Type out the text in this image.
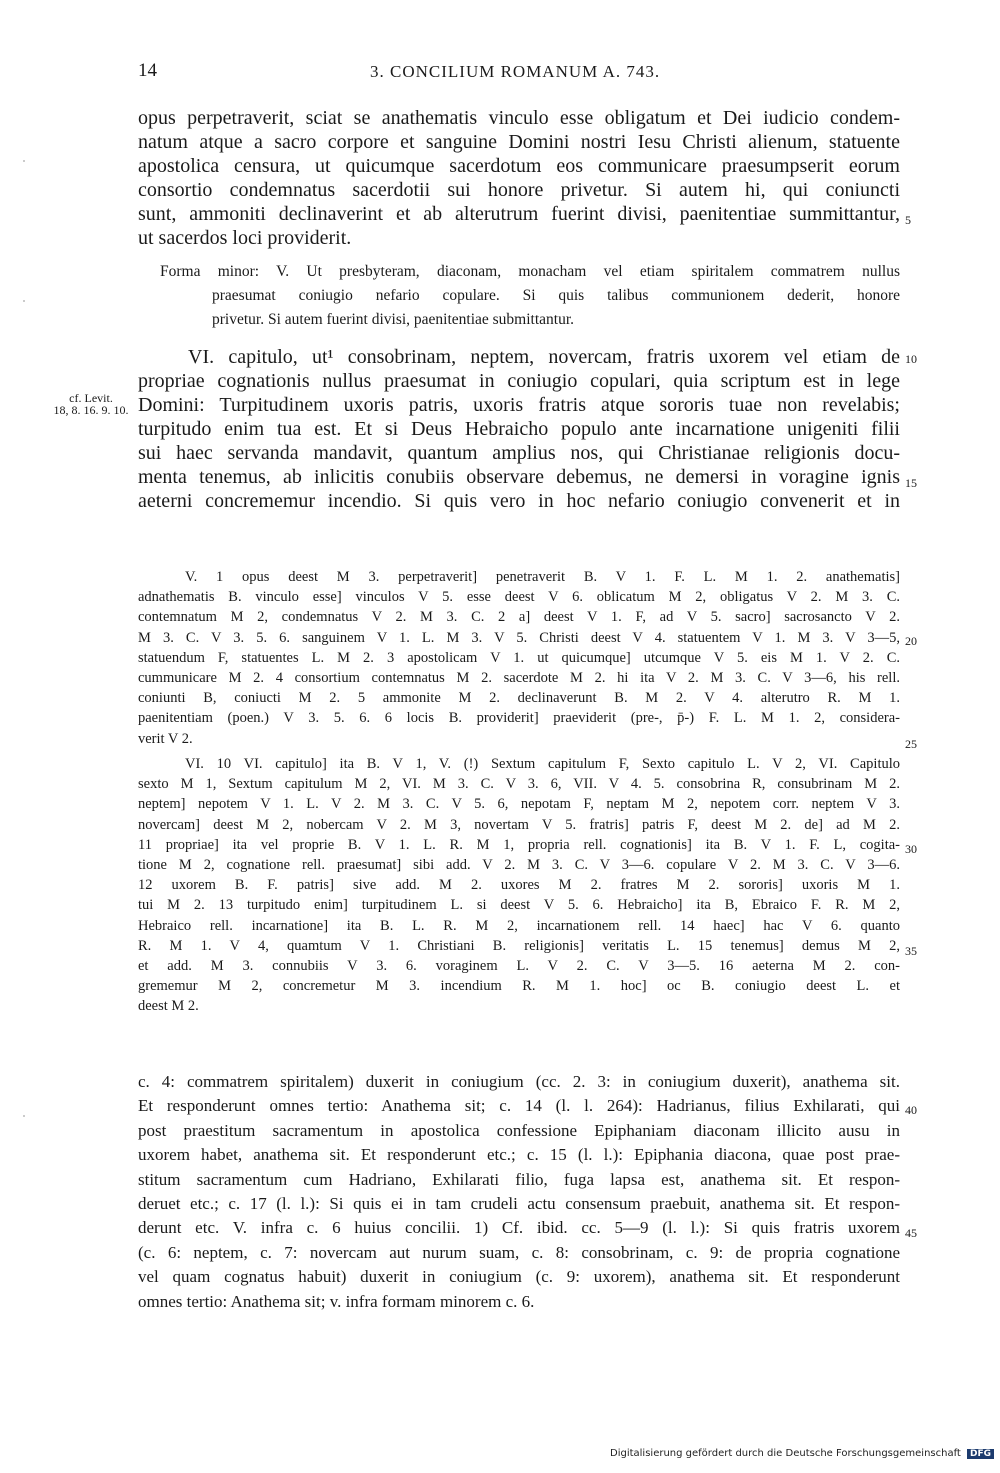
14	3. CONCILIUM ROMANUM A. 743.
opus perpetraverit, sciat se anathematis vinculo esse obligatum et Dei iudicio condem-
natum atque a sacro corpore et sanguine Domini nostri Iesu Christi alienum, statuente
apostolica censura, ut quicumque sacerdotum eos communicare praesumpserit eorum
consortio condemnatus sacerdotii sui honore privetur. Si autem hi, qui coniuncti
sunt, ammoniti declinaverint et ab alterutrum fuerint divisi, paenitentiae summittantur,
ut sacerdos loci providerit.
Forma minor: V. Ut presbyteram, diaconam, monacham vel etiam spiritalem commatrem nullus
praesumat coniugio nefario copulare. Si quis talibus communionem dederit, honore
privetur. Si autem fuerint divisi, paenitentiae submittantur.
VI. capitulo, ut¹ consobrinam, neptem, novercam, fratris uxorem vel etiam de
propriae cognationis nullus praesumat in coniugio copulari, quia scriptum est in lege
Domini: Turpitudinem uxoris patris, uxoris fratris atque sororis tuae non revelabis;
turpitudo enim tua est. Et si Deus Hebraicho populo ante incarnatione unigeniti filii
sui haec servanda mandavit, quantum amplius nos, qui Christianae religionis docu-
menta tenemus, ab inlicitis conubiis observare debemus, ne demersi in voragine ignis
aeterni concrememur incendio. Si quis vero in hoc nefario coniugio convenerit et in
cf. Levit.
18, 8. 16. 9. 10.
V. 1 opus deest M 3. perpetraverit] penetraverit B. V 1. F. L. M 1. 2. anathematis]
adnathematis B. vinculo esse] vinculos V 5. esse deest V 6. oblicatum M 2, obligatus V 2. M 3. C.
contemnatum M 2, condemnatus V 2. M 3. C. 2 a] deest V 1. F, ad V 5. sacro] sacrosancto V 2.
M 3. C. V 3. 5. 6. sanguinem V 1. L. M 3. V 5. Christi deest V 4. statuentem V 1. M 3. V 3—5,
statuendum F, statuentes L. M 2. 3 apostolicam V 1. ut quicumque] utcumque V 5. eis M 1. V 2. C.
cummunicare M 2. 4 consortium contemnatus M 2. sacerdote M 2. hi ita V 2. M 3. C. V 3—6, his rell.
coniunti B, coniucti M 2. 5 ammonite M 2. declinaverunt B. M 2. V 4. alterutro R. M 1.
paenitentiam (poen.) V 3. 5. 6. 6 locis B. providerit] praeviderit (pre-, p̄-) F. L. M 1. 2, considera-
verit V 2.
VI. 10 VI. capitulo] ita B. V 1, V. (!) Sextum capitulum F, Sexto capitulo L. V 2, VI. Capitulo
sexto M 1, Sextum capitulum M 2, VI. M 3. C. V 3. 6, VII. V 4. 5. consobrina R, consubrinam M 2.
neptem] nepotem V 1. L. V 2. M 3. C. V 5. 6, nepotam F, neptam M 2, nepotem corr. neptem V 3.
novercam] deest M 2, nobercam V 2. M 3, novertam V 5. fratris] patris F, deest M 2. de] ad M 2.
11 propriae] ita vel proprie B. V 1. L. R. M 1, propria rell. cognationis] ita B. V 1. F. L, cogita-
tione M 2, cognatione rell. praesumat] sibi add. V 2. M 3. C. V 3—6. copulare V 2. M 3. C. V 3—6.
12 uxorem B. F. patris] sive add. M 2. uxores M 2. fratres M 2. sororis] uxoris M 1.
tui M 2. 13 turpitudo enim] turpitudinem L. si deest V 5. 6. Hebraicho] ita B, Ebraico F. R. M 2,
Hebraico rell. incarnatione] ita B. L. R. M 2, incarnationem rell. 14 haec] hac V 6. quanto
R. M 1. V 4, quamtum V 1. Christiani B. religionis] veritatis L. 15 tenemus] demus M 2,
et add. M 3. connubiis V 3. 6. voraginem L. V 2. C. V 3—5. 16 aeterna M 2. con-
grememur M 2, concremetur M 3. incendium R. M 1. hoc] oc B. coniugio deest L. et
deest M 2.
c. 4: commatrem spiritalem) duxerit in coniugium (cc. 2. 3: in coniugium duxerit), anathema sit.
Et responderunt omnes tertio: Anathema sit; c. 14 (l. l. 264): Hadrianus, filius Exhilarati, qui
post praestitum sacramentum in apostolica confessione Epiphaniam diaconam illicito ausu in
uxorem habet, anathema sit. Et responderunt etc.; c. 15 (l. l.): Epiphania diacona, quae post prae-
stitum sacramentum cum Hadriano, Exhilarati filio, fuga lapsa est, anathema sit. Et respon-
deruet etc.; c. 17 (l. l.): Si quis ei in tam crudeli actu consensum praebuit, anathema sit. Et respon-
derunt etc. V. infra c. 6 huius concilii. 1) Cf. ibid. cc. 5—9 (l. l.): Si quis fratris uxorem
(c. 6: neptem, c. 7: novercam aut nurum suam, c. 8: consobrinam, c. 9: de propria cognatione
vel quam cognatus habuit) duxerit in coniugium (c. 9: uxorem), anathema sit. Et responderunt
omnes tertio: Anathema sit; v. infra formam minorem c. 6.
5
10
15
20
25
30
35
40
45
Digitalisierung gefördert durch die Deutsche Forschungsgemeinschaft DFG
